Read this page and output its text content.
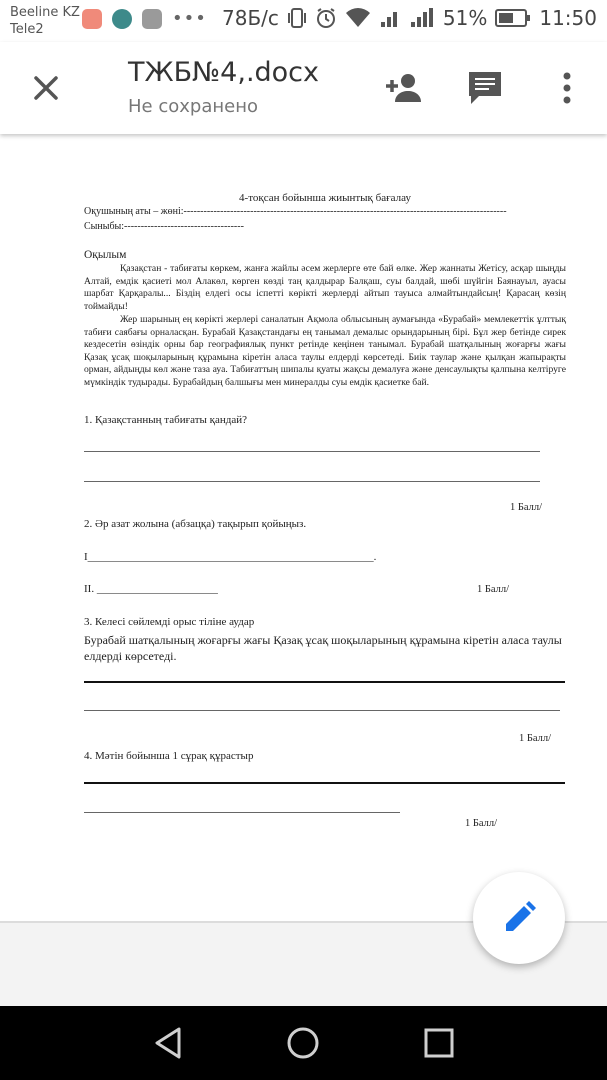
Beeline KZ
Tele2
••• 78Б/с	51%	11:50
ТЖБ№4,.docx
Не сохранено
4-тоқсан бойынша жиынтық бағалау
Оқушының аты – жөні:-------------------------------------------------------------------------------------------------
Сыныбы:------------------------------------
Оқылым
Қазақстан - табиғаты көркем, жанға жайлы әсем жерлерге өте бай өлке. Жер жаннаты Жетісу, асқар шыңды Алтай, емдік қасиеті мол Алакөл, көрген көзді таң қалдырар Балқаш, суы балдай, шөбі шүйгін Баянауыл, ауасы шарбат Қарқаралы... Біздің елдегі осы іспетті көрікті жерлерді айтып тауыса алмайтындайсың! Қарасаң көзің тоймайды!
Жер шарының ең көрікті жерлері саналатын Ақмола облысының аумағында «Бурабай» мемлекеттік ұлттық табиғи саябағы орналасқан. Бурабай Қазақстандағы ең танымал демалыс орындарының бірі. Бұл жер бетінде сирек кездесетін өзіндік орны бар географиялық пункт ретінде кеңінен танымал. Бурабай шатқалының жоғарғы жағы Қазақ ұсақ шоқыларының құрамына кіретін аласа таулы елдерді көрсетеді. Биік таулар және қылқан жапырақты орман, айдыңды көл және таза ауа. Табиғаттың шипалы қуаты жақсы демалуға және денсаулықты қалпына келтіруге мүмкіндік тудырады. Бурабайдың балшығы мен минералды суы емдік қасиетке бай.
1. Қазақстанның табиғаты қандай?
1 Балл/
2. Әр азат жолына (абзацқа) тақырып қойыңыз.
I____________________________________________________.
II. ______________________	1 Балл/
3. Келесі сөйлемді орыс тіліне аудар
Бурабай шатқалының жоғарғы жағы Қазақ ұсақ шоқыларының құрамына кіретін аласа таулы елдерді көрсетеді.
1 Балл/
4. Мәтін бойынша 1 сұрақ құрастыр
1 Балл/
